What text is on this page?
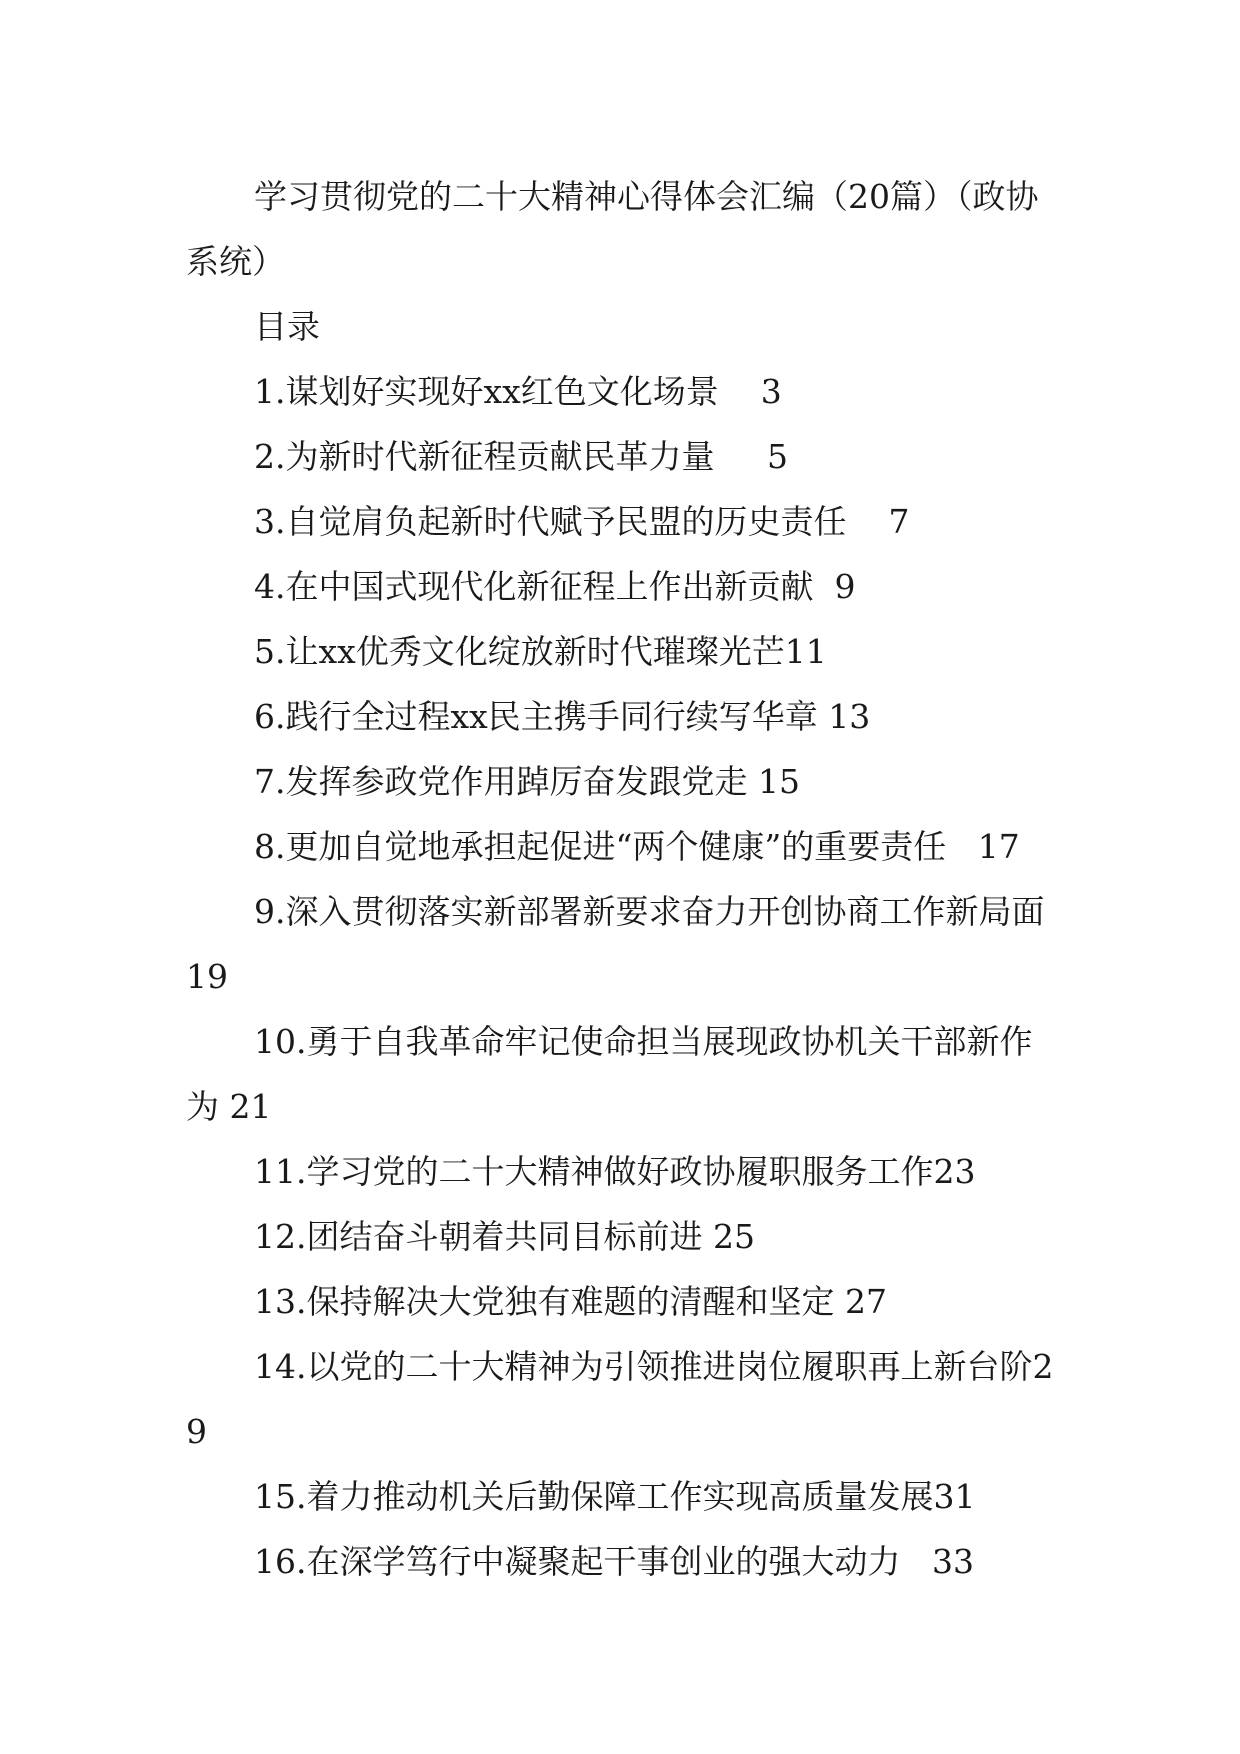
学习贯彻党的二十大精神心得体会汇编（20篇）（政协系统）

目录

1.谋划好实现好xx红色文化场景 3

2.为新时代新征程贡献民革力量 5

3.自觉肩负起新时代赋予民盟的历史责任 7

4.在中国式现代化新征程上作出新贡献 9

5.让xx优秀文化绽放新时代璀璨光芒11

6.践行全过程xx民主携手同行续写华章 13

7.发挥参政党作用踔厉奋发跟党走 15

8.更加自觉地承担起促进“两个健康”的重要责任 17

9.深入贯彻落实新部署新要求奋力开创协商工作新局面19

10.勇于自我革命牢记使命担当展现政协机关干部新作为 21

11.学习党的二十大精神做好政协履职服务工作23

12.团结奋斗朝着共同目标前进 25

13.保持解决大党独有难题的清醒和坚定 27

14.以党的二十大精神为引领推进岗位履职再上新台阶29

15.着力推动机关后勤保障工作实现高质量发展31

16.在深学笃行中凝聚起干事创业的强大动力 33
